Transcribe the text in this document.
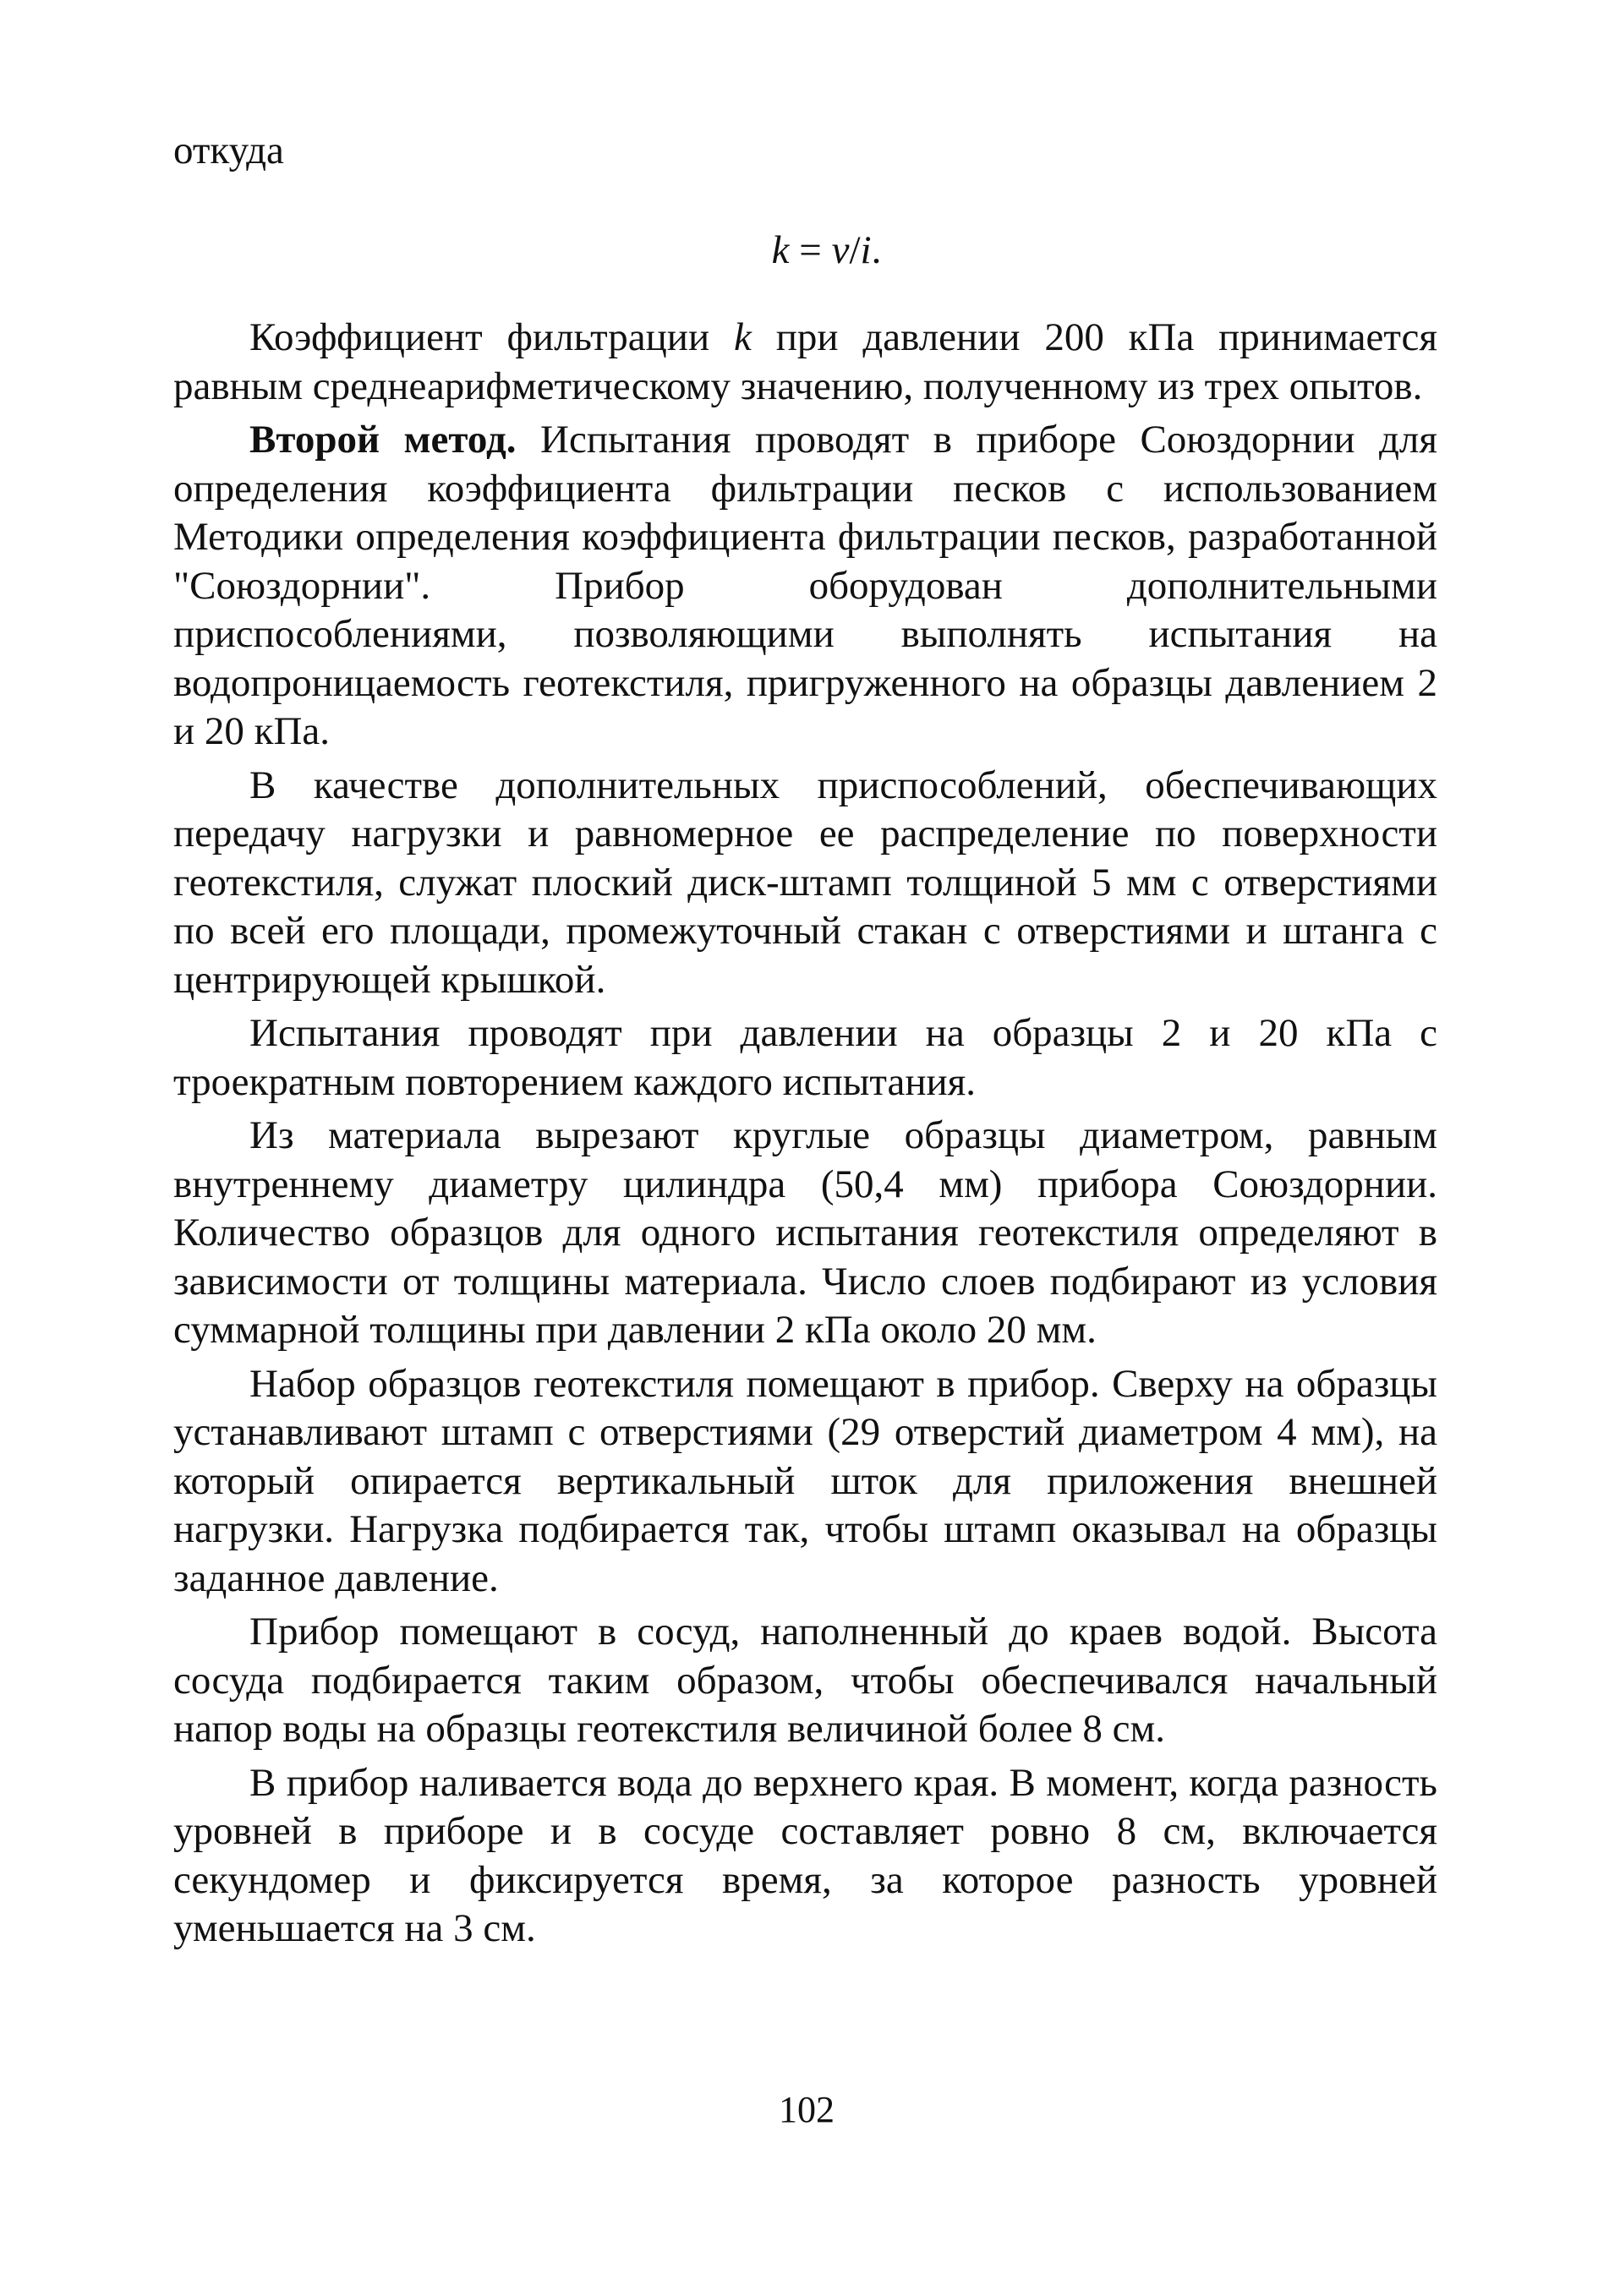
откуда

k = v/i.

Коэффициент фильтрации k при давлении 200 кПа принимается равным среднеарифметическому значению, полученному из трех опытов.

Второй метод. Испытания проводят в приборе Союздорнии для определения коэффициента фильтрации песков с использованием Методики определения коэффициента фильтрации песков, разработанной "Союздорнии". Прибор оборудован дополнительными приспособлениями, позволяющими выполнять испытания на водопроницаемость геотекстиля, пригруженного на образцы давлением 2 и 20 кПа.

В качестве дополнительных приспособлений, обеспечивающих передачу нагрузки и равномерное ее распределение по поверхности геотекстиля, служат плоский диск-штамп толщиной 5 мм с отверстиями по всей его площади, промежуточный стакан с отверстиями и штанга с центрирующей крышкой.

Испытания проводят при давлении на образцы 2 и 20 кПа с троекратным повторением каждого испытания.

Из материала вырезают круглые образцы диаметром, равным внутреннему диаметру цилиндра (50,4 мм) прибора Союздорнии. Количество образцов для одного испытания геотекстиля определяют в зависимости от толщины материала. Число слоев подбирают из условия суммарной толщины при давлении 2 кПа около 20 мм.

Набор образцов геотекстиля помещают в прибор. Сверху на образцы устанавливают штамп с отверстиями (29 отверстий диаметром 4 мм), на который опирается вертикальный шток для приложения внешней нагрузки. Нагрузка подбирается так, чтобы штамп оказывал на образцы заданное давление.

Прибор помещают в сосуд, наполненный до краев водой. Высота сосуда подбирается таким образом, чтобы обеспечивался начальный напор воды на образцы геотекстиля величиной более 8 см.

В прибор наливается вода до верхнего края. В момент, когда разность уровней в приборе и в сосуде составляет ровно 8 см, включается секундомер и фиксируется время, за которое разность уровней уменьшается на 3 см.

102
